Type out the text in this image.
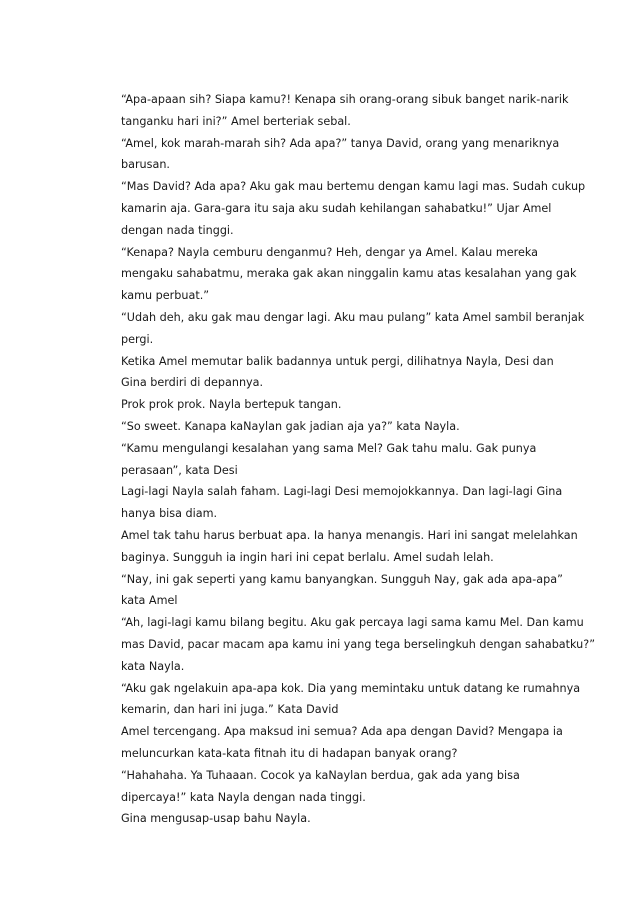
“Apa-apaan sih? Siapa kamu?! Kenapa sih orang-orang sibuk banget narik-narik
tanganku hari ini?” Amel berteriak sebal.
“Amel, kok marah-marah sih? Ada apa?” tanya David, orang yang menariknya
barusan.
“Mas David? Ada apa? Aku gak mau bertemu dengan kamu lagi mas. Sudah cukup
kamarin aja. Gara-gara itu saja aku sudah kehilangan sahabatku!” Ujar Amel
dengan nada tinggi.
“Kenapa? Nayla cemburu denganmu? Heh, dengar ya Amel. Kalau mereka
mengaku sahabatmu, meraka gak akan ninggalin kamu atas kesalahan yang gak
kamu perbuat.”
“Udah deh, aku gak mau dengar lagi. Aku mau pulang” kata Amel sambil beranjak
pergi.
Ketika Amel memutar balik badannya untuk pergi, dilihatnya Nayla, Desi dan
Gina berdiri di depannya.
Prok prok prok. Nayla bertepuk tangan.
“So sweet. Kanapa kaNaylan gak jadian aja ya?” kata Nayla.
“Kamu mengulangi kesalahan yang sama Mel? Gak tahu malu. Gak punya
perasaan”, kata Desi
Lagi-lagi Nayla salah faham. Lagi-lagi Desi memojokkannya. Dan lagi-lagi Gina
hanya bisa diam.
Amel tak tahu harus berbuat apa. Ia hanya menangis. Hari ini sangat melelahkan
baginya. Sungguh ia ingin hari ini cepat berlalu. Amel sudah lelah.
“Nay, ini gak seperti yang kamu banyangkan. Sungguh Nay, gak ada apa-apa”
kata Amel
“Ah, lagi-lagi kamu bilang begitu. Aku gak percaya lagi sama kamu Mel. Dan kamu
mas David, pacar macam apa kamu ini yang tega berselingkuh dengan sahabatku?”
kata Nayla.
“Aku gak ngelakuin apa-apa kok. Dia yang memintaku untuk datang ke rumahnya
kemarin, dan hari ini juga.” Kata David
Amel tercengang. Apa maksud ini semua? Ada apa dengan David? Mengapa ia
meluncurkan kata-kata fitnah itu di hadapan banyak orang?
“Hahahaha. Ya Tuhaaan. Cocok ya kaNaylan berdua, gak ada yang bisa
dipercaya!” kata Nayla dengan nada tinggi.
Gina mengusap-usap bahu Nayla.
